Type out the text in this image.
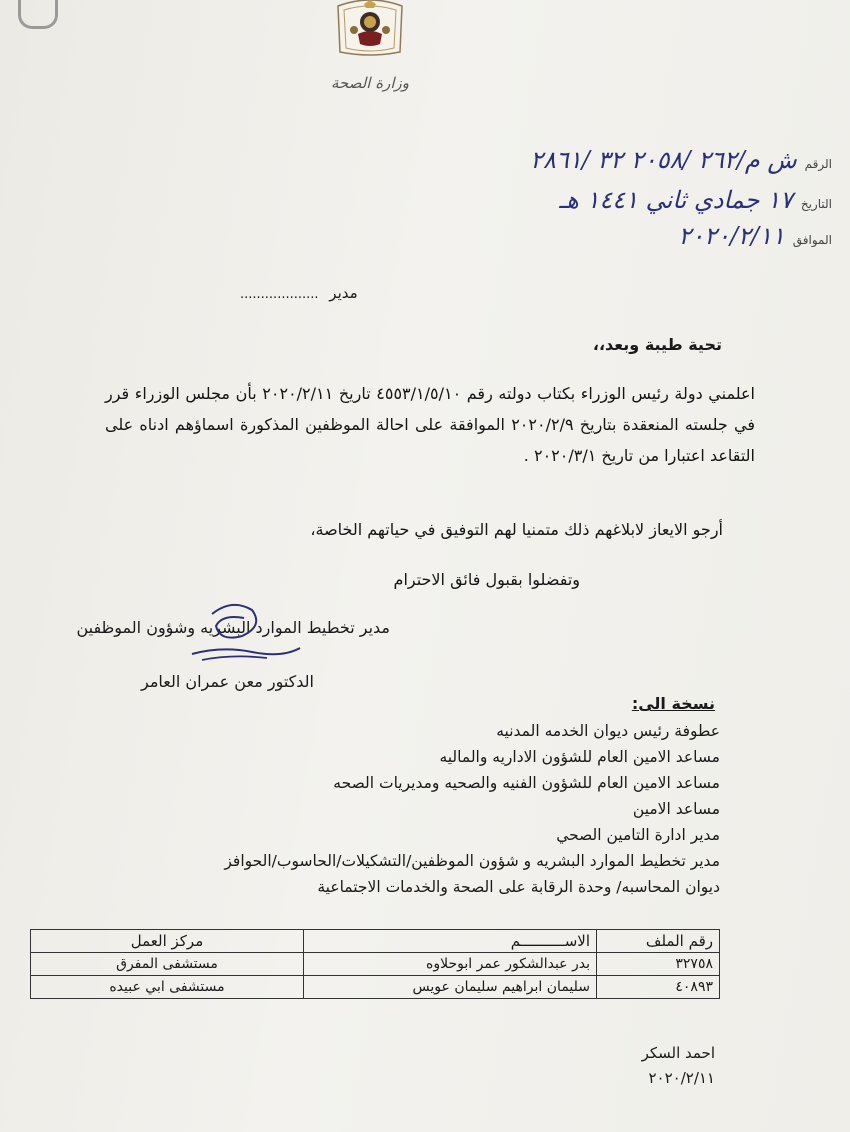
وزارة الصحة
الرقم
ش م/٢٦٢ /٢٠٥٨ ٣٢ /٢٨٦١
التاريخ
١٧ جمادي ثاني ١٤٤١ هـ
الموافق
٢٠٢٠/٢/١١
مدير ...................
تحية طيبة وبعد،،
اعلمني دولة رئيس الوزراء بكتاب دولته رقم ٤٥٥٣/١/٥/١٠ تاريخ ٢٠٢٠/٢/١١ بأن مجلس الوزراء قرر في جلسته المنعقدة بتاريخ ٢٠٢٠/٢/٩ الموافقة على احالة الموظفين المذكورة اسماؤهم ادناه على التقاعد اعتبارا من تاريخ ٢٠٢٠/٣/١ .
أرجو الايعاز لابلاغهم ذلك متمنيا لهم التوفيق في حياتهم الخاصة،
وتفضلوا بقبول فائق الاحترام
مدير تخطيط الموارد البشريه وشؤون الموظفين
الدكتور معن عمران العامر
نسخة الى:
عطوفة رئيس ديوان الخدمه المدنيه
مساعد الامين العام للشؤون الاداريه والماليه
مساعد الامين العام للشؤون الفنيه والصحيه ومديريات الصحه
مساعد الامين
مدير ادارة التامين الصحي
مدير تخطيط الموارد البشريه و شؤون الموظفين/التشكيلات/الحاسوب/الحوافز
ديوان المحاسبه/ وحدة الرقابة على الصحة والخدمات الاجتماعية
رقم الملف	الاســــــــــم	مركز العمل
٣٢٧٥٨	بدر عبدالشكور عمر ابوحلاوه	مستشفى المفرق
٤٠٨٩٣	سليمان ابراهيم سليمان عويس	مستشفى ابي عبيده
احمد السكر
٢٠٢٠/٢/١١
